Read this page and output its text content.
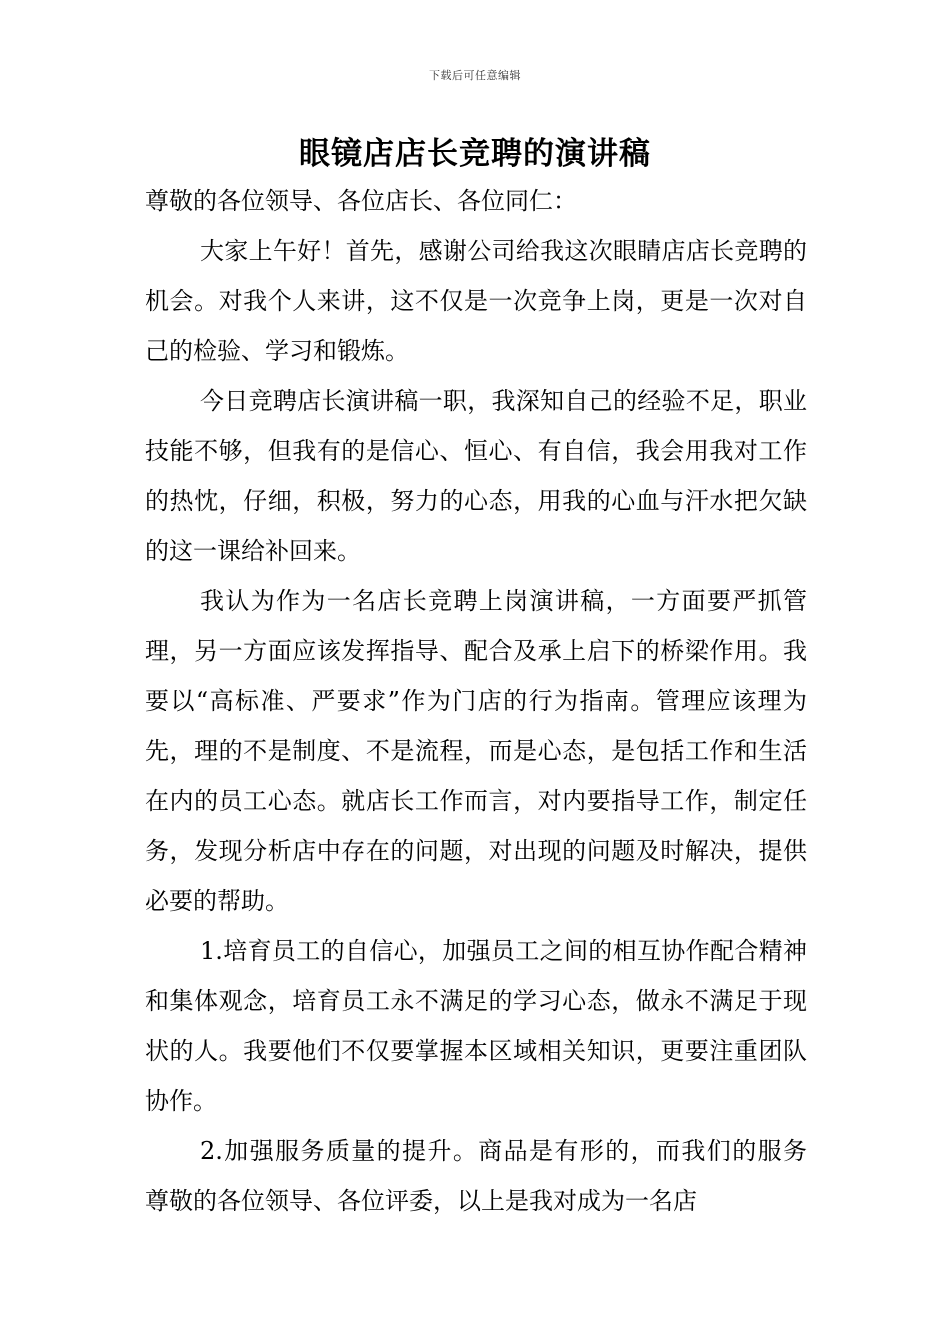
下载后可任意编辑
眼镜店店长竞聘的演讲稿

尊敬的各位领导、各位店长、各位同仁：

大家上午好！首先，感谢公司给我这次眼睛店店长竞聘的机会。对我个人来讲，这不仅是一次竞争上岗，更是一次对自己的检验、学习和锻炼。

今日竞聘店长演讲稿一职，我深知自己的经验不足，职业技能不够，但我有的是信心、恒心、有自信，我会用我对工作的热忱，仔细，积极，努力的心态，用我的心血与汗水把欠缺的这一课给补回来。

我认为作为一名店长竞聘上岗演讲稿，一方面要严抓管理，另一方面应该发挥指导、配合及承上启下的桥梁作用。我要以“高标准、严要求”作为门店的行为指南。管理应该理为先，理的不是制度、不是流程，而是心态，是包括工作和生活在内的员工心态。就店长工作而言，对内要指导工作，制定任务，发现分析店中存在的问题，对出现的问题及时解决，提供必要的帮助。

1.培育员工的自信心，加强员工之间的相互协作配合精神和集体观念，培育员工永不满足的学习心态，做永不满足于现状的人。我要他们不仅要掌握本区域相关知识，更要注重团队协作。

2.加强服务质量的提升。商品是有形的，而我们的服务　　尊敬的各位领导、各位评委，以上是我对成为一名店
